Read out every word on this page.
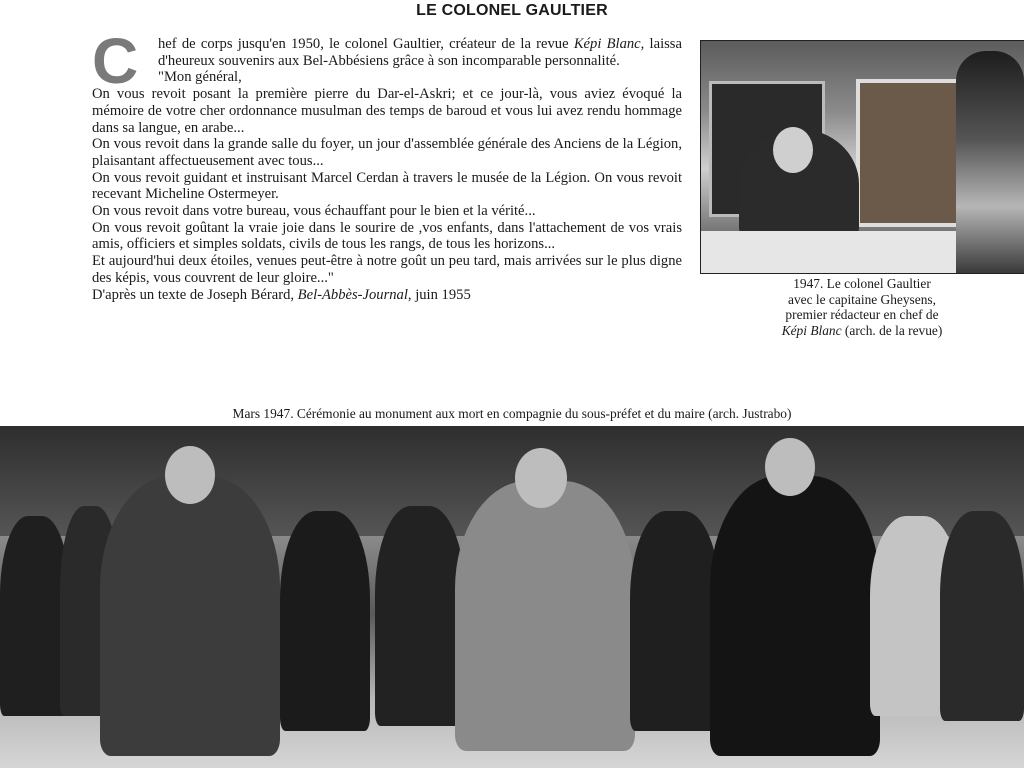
LE COLONEL GAULTIER

C	hef de corps jusqu'en 1950, le colonel Gaultier, créateur de la revue Képi Blanc, laissa d'heureux souvenirs aux Bel-Abbésiens grâce à son incomparable personnalité.

"Mon général,

On vous revoit posant la première pierre du Dar-el-Askri; et ce jour-là, vous aviez évoqué la mémoire de votre cher ordonnance musulman des temps de baroud et vous lui avez rendu hommage dans sa langue, en arabe...

On vous revoit dans la grande salle du foyer, un jour d'assemblée générale des Anciens de la Légion, plaisantant affectueusement avec tous...

On vous revoit guidant et instruisant Marcel Cerdan à travers le musée de la Légion. On vous revoit recevant Micheline Ostermeyer.

On vous revoit dans votre bureau, vous échauffant pour le bien et la vérité...

On vous revoit goûtant la vraie joie dans le sourire de ,vos enfants, dans l'attachement de vos vrais amis, officiers et simples soldats, civils de tous les rangs, de tous les horizons...

Et aujourd'hui deux étoiles, venues peut-être à notre goût un peu tard, mais arrivées sur le plus digne des képis, vous couvrent de leur gloire..."

D'après un texte de Joseph Bérard, Bel-Abbès-Journal, juin 1955

1947. Le colonel Gaultier
avec le capitaine Gheysens,
premier rédacteur en chef de
Képi Blanc (arch. de la revue)
Mars 1947. Cérémonie au monument aux mort en compagnie du sous-préfet et du maire (arch. Justrabo)
